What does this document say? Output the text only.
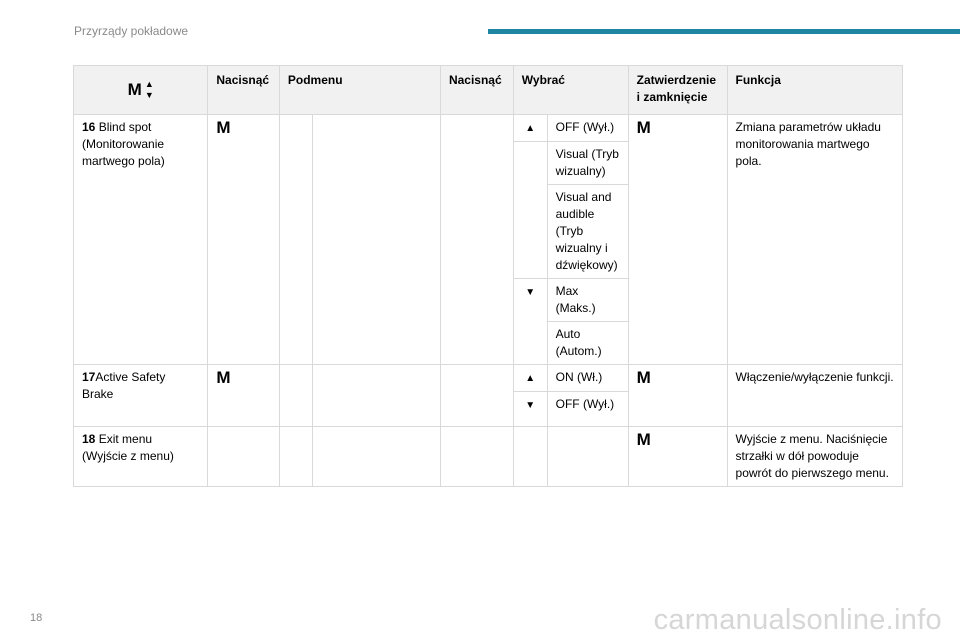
Przyrządy pokładowe
M ▲
▼	Nacisnąć	Podmenu		Nacisnąć	Wybrać		Zatwierdzenie i zamknięcie	Funkcja
16 Blind spot (Monitorowanie martwego pola)	M				▲	OFF (Wył.)	M	Zmiana parametrów układu monitorowania martwego pola.
						Visual (Tryb wizualny)		
						Visual and audible (Tryb wizualny i dźwiękowy)		
					▼	Max (Maks.)		
						Auto (Autom.)		
17Active Safety Brake	M				▲	ON (Wł.)	M	Włączenie/wyłączenie funkcji.
					▼	OFF (Wył.)		
18 Exit menu (Wyjście z menu)							M	Wyjście z menu. Naciśnięcie strzałki w dół powoduje powrót do pierwszego menu.
18	carmanualsonline.info
